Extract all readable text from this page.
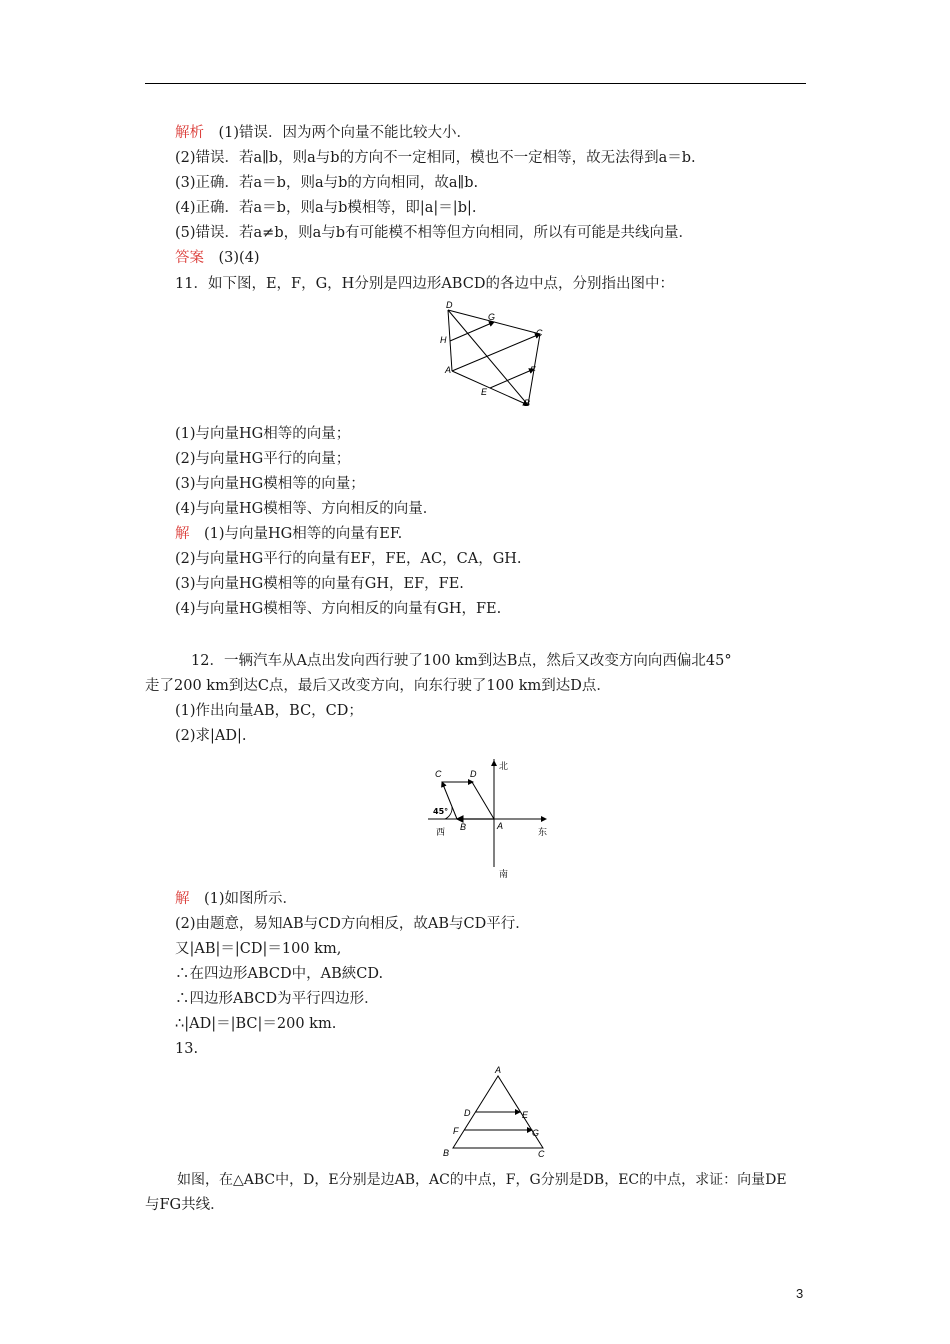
解析　 (1)错误．因为两个向量不能比较大小．
(2)错误．若a∥b，则a与b的方向不一定相同，模也不一定相等，故无法得到a＝b.
(3)正确．若a＝b，则a与b的方向相同，故a∥b.
(4)正确．若a＝b，则a与b模相等，即|a|＝|b|.
(5)错误．若a≠b，则a与b有可能模不相等但方向相同，所以有可能是共线向量．
答案　 (3)(4)
11．如下图，E，F，G，H分别是四边形ABCD的各边中点，分别指出图中：
D
G
C
H
A	F
E
B
(1)与向量HG相等的向量；
(2)与向量HG平行的向量；
(3)与向量HG模相等的向量；
(4)与向量HG模相等、方向相反的向量．
解　 (1)与向量HG相等的向量有EF.
(2)与向量HG平行的向量有EF，FE，AC，CA，GH.
(3)与向量HG模相等的向量有GH，EF，FE.
(4)与向量HG模相等、方向相反的向量有GH，FE.
12．一辆汽车从A点出发向西行驶了100 km到达B点，然后又改变方向向西偏北45°
走了200 km到达C点，最后又改变方向，向东行驶了100 km到达D点．
(1)作出向量AB，BC，CD；
(2)求|AD|.
北
南
西	东
45°
A
B
C	D
解　 (1)如图所示．
(2)由题意，易知AB与CD方向相反，故AB与CD平行．
又|AB|＝|CD|＝100 km,
∴在四边形ABCD中，AB綊CD.
∴四边形ABCD为平行四边形．
∴|AD|＝|BC|＝200 km.
13.
A
D	E
F	G
B	C
如图，在△ABC中，D，E分别是边AB，AC的中点，F，G分别是DB，EC的中点，求证：向量DE
与FG共线．
3
